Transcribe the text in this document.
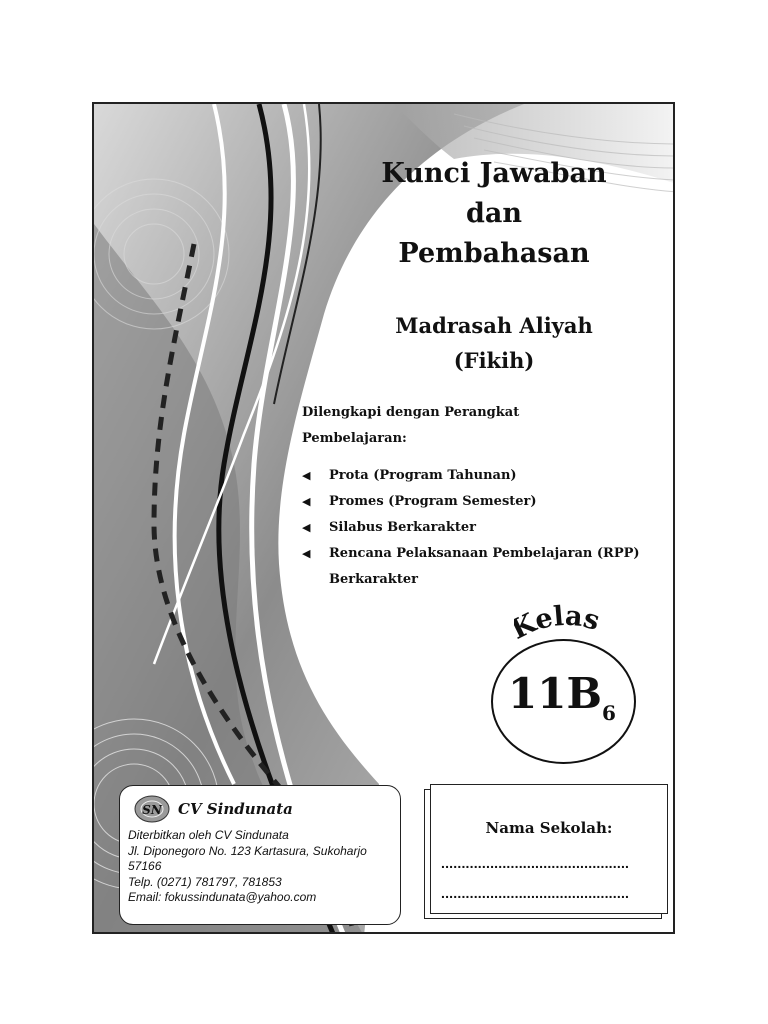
Kunci Jawaban
dan
Pembahasan
Madrasah Aliyah
(Fikih)
Dilengkapi dengan Perangkat
Pembelajaran:
◀ Prota (Program Tahunan)
◀ Promes (Program Semester)
◀ Silabus Berkarakter
◀ Rencana Pelaksanaan Pembelajaran (RPP)
Berkarakter
elas
$11B_6$
SN CV Sindunata
Diterbitkan oleh CV Sindunata
Jl. Diponegoro No. 123 Kartasura, Sukoharjo
57166
Telp. (0271) 781797, 781853
Email: fokussindunata@yahoo.com
Nama Sekolah:
..............................................
..............................................
